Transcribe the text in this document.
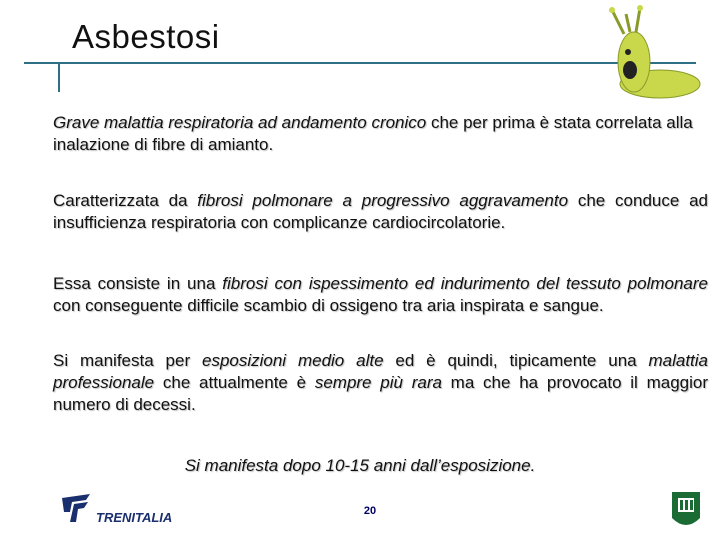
Asbestosi
Grave malattia respiratoria ad andamento cronico che per prima è stata correlata alla inalazione di fibre di amianto.
Caratterizzata da fibrosi polmonare a progressivo aggravamento che conduce ad insufficienza respiratoria con complicanze cardiocircolatorie.
Essa consiste in una fibrosi con ispessimento ed indurimento del tessuto polmonare con conseguente difficile scambio di ossigeno tra aria inspirata e sangue.
Si manifesta per esposizioni medio alte ed è quindi, tipicamente una malattia professionale che attualmente è sempre più rara ma che ha provocato il maggior numero di decessi.
Si manifesta dopo 10-15 anni dall’esposizione.
TRENITALIA	20
